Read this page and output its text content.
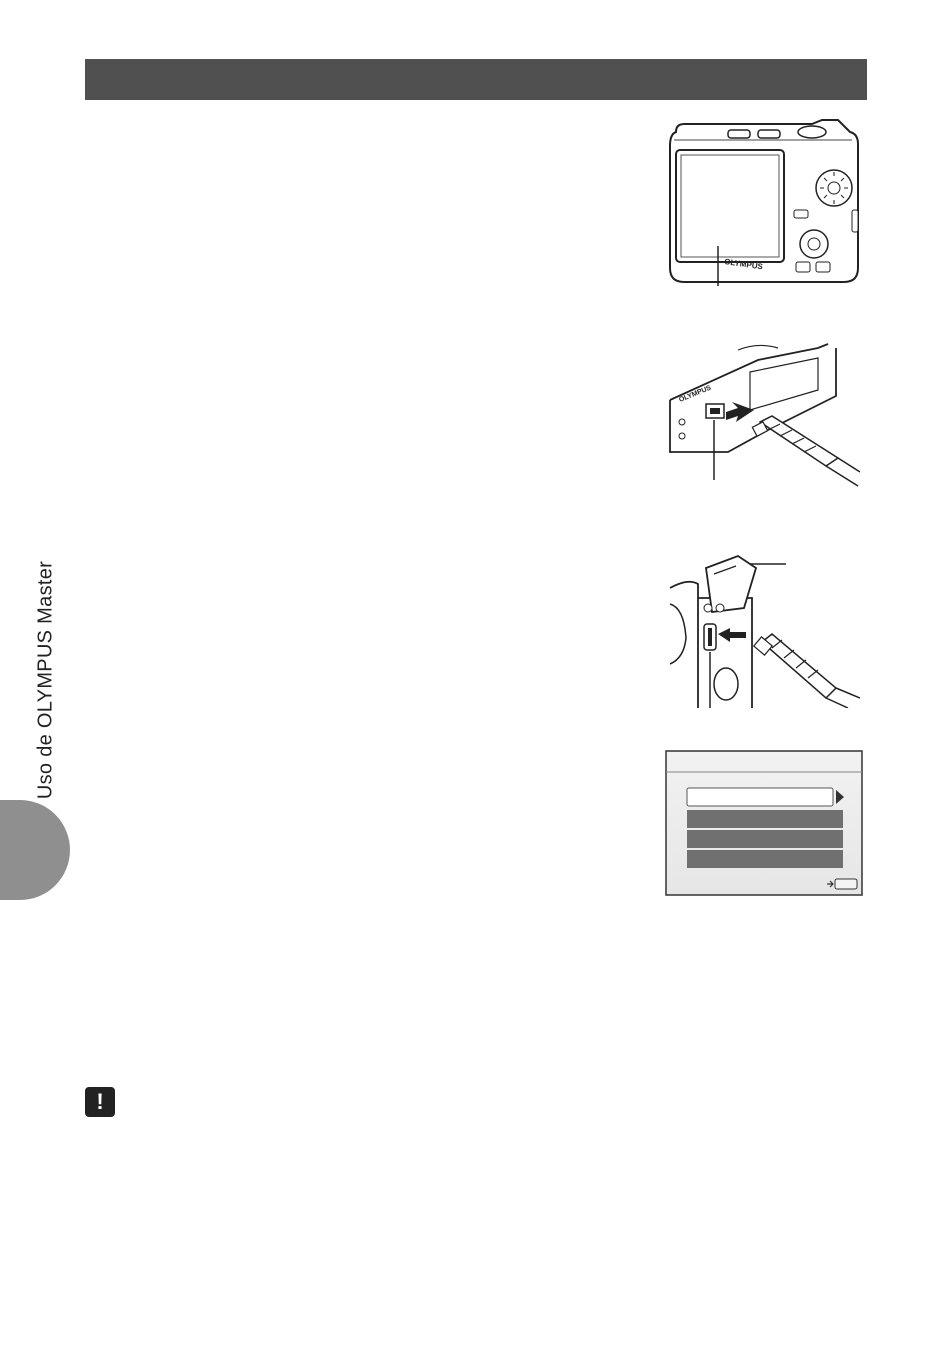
Uso de OLYMPUS Master
OLYMPUS
OLYMPUS
!
